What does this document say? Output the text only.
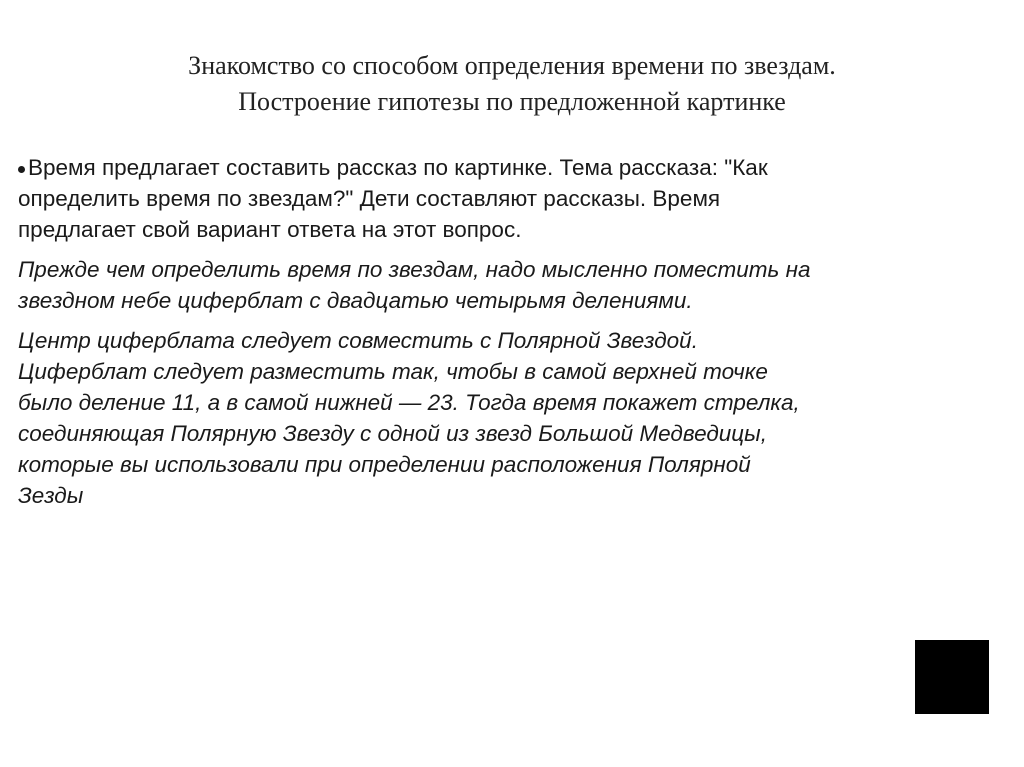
Знакомство со способом определения времени по звездам.
Построение гипотезы по предложенной картинке
Время предлагает составить рассказ по картинке. Тема рассказа: "Как
определить время по звездам?" Дети составляют рассказы. Время
предлагает свой вариант ответа на этот вопрос.
Прежде чем определить время по звездам, надо мысленно поместить на
звездном небе циферблат с двадцатью четырьмя делениями.
Центр циферблата следует совместить с Полярной Звездой.
Циферблат следует разместить так, чтобы в самой верхней точке
было деление 11, а в самой нижней — 23. Тогда время покажет стрелка,
соединяющая Полярную Звезду с одной из звезд Большой Медведицы,
которые вы использовали при определении расположения Полярной
Зезды
